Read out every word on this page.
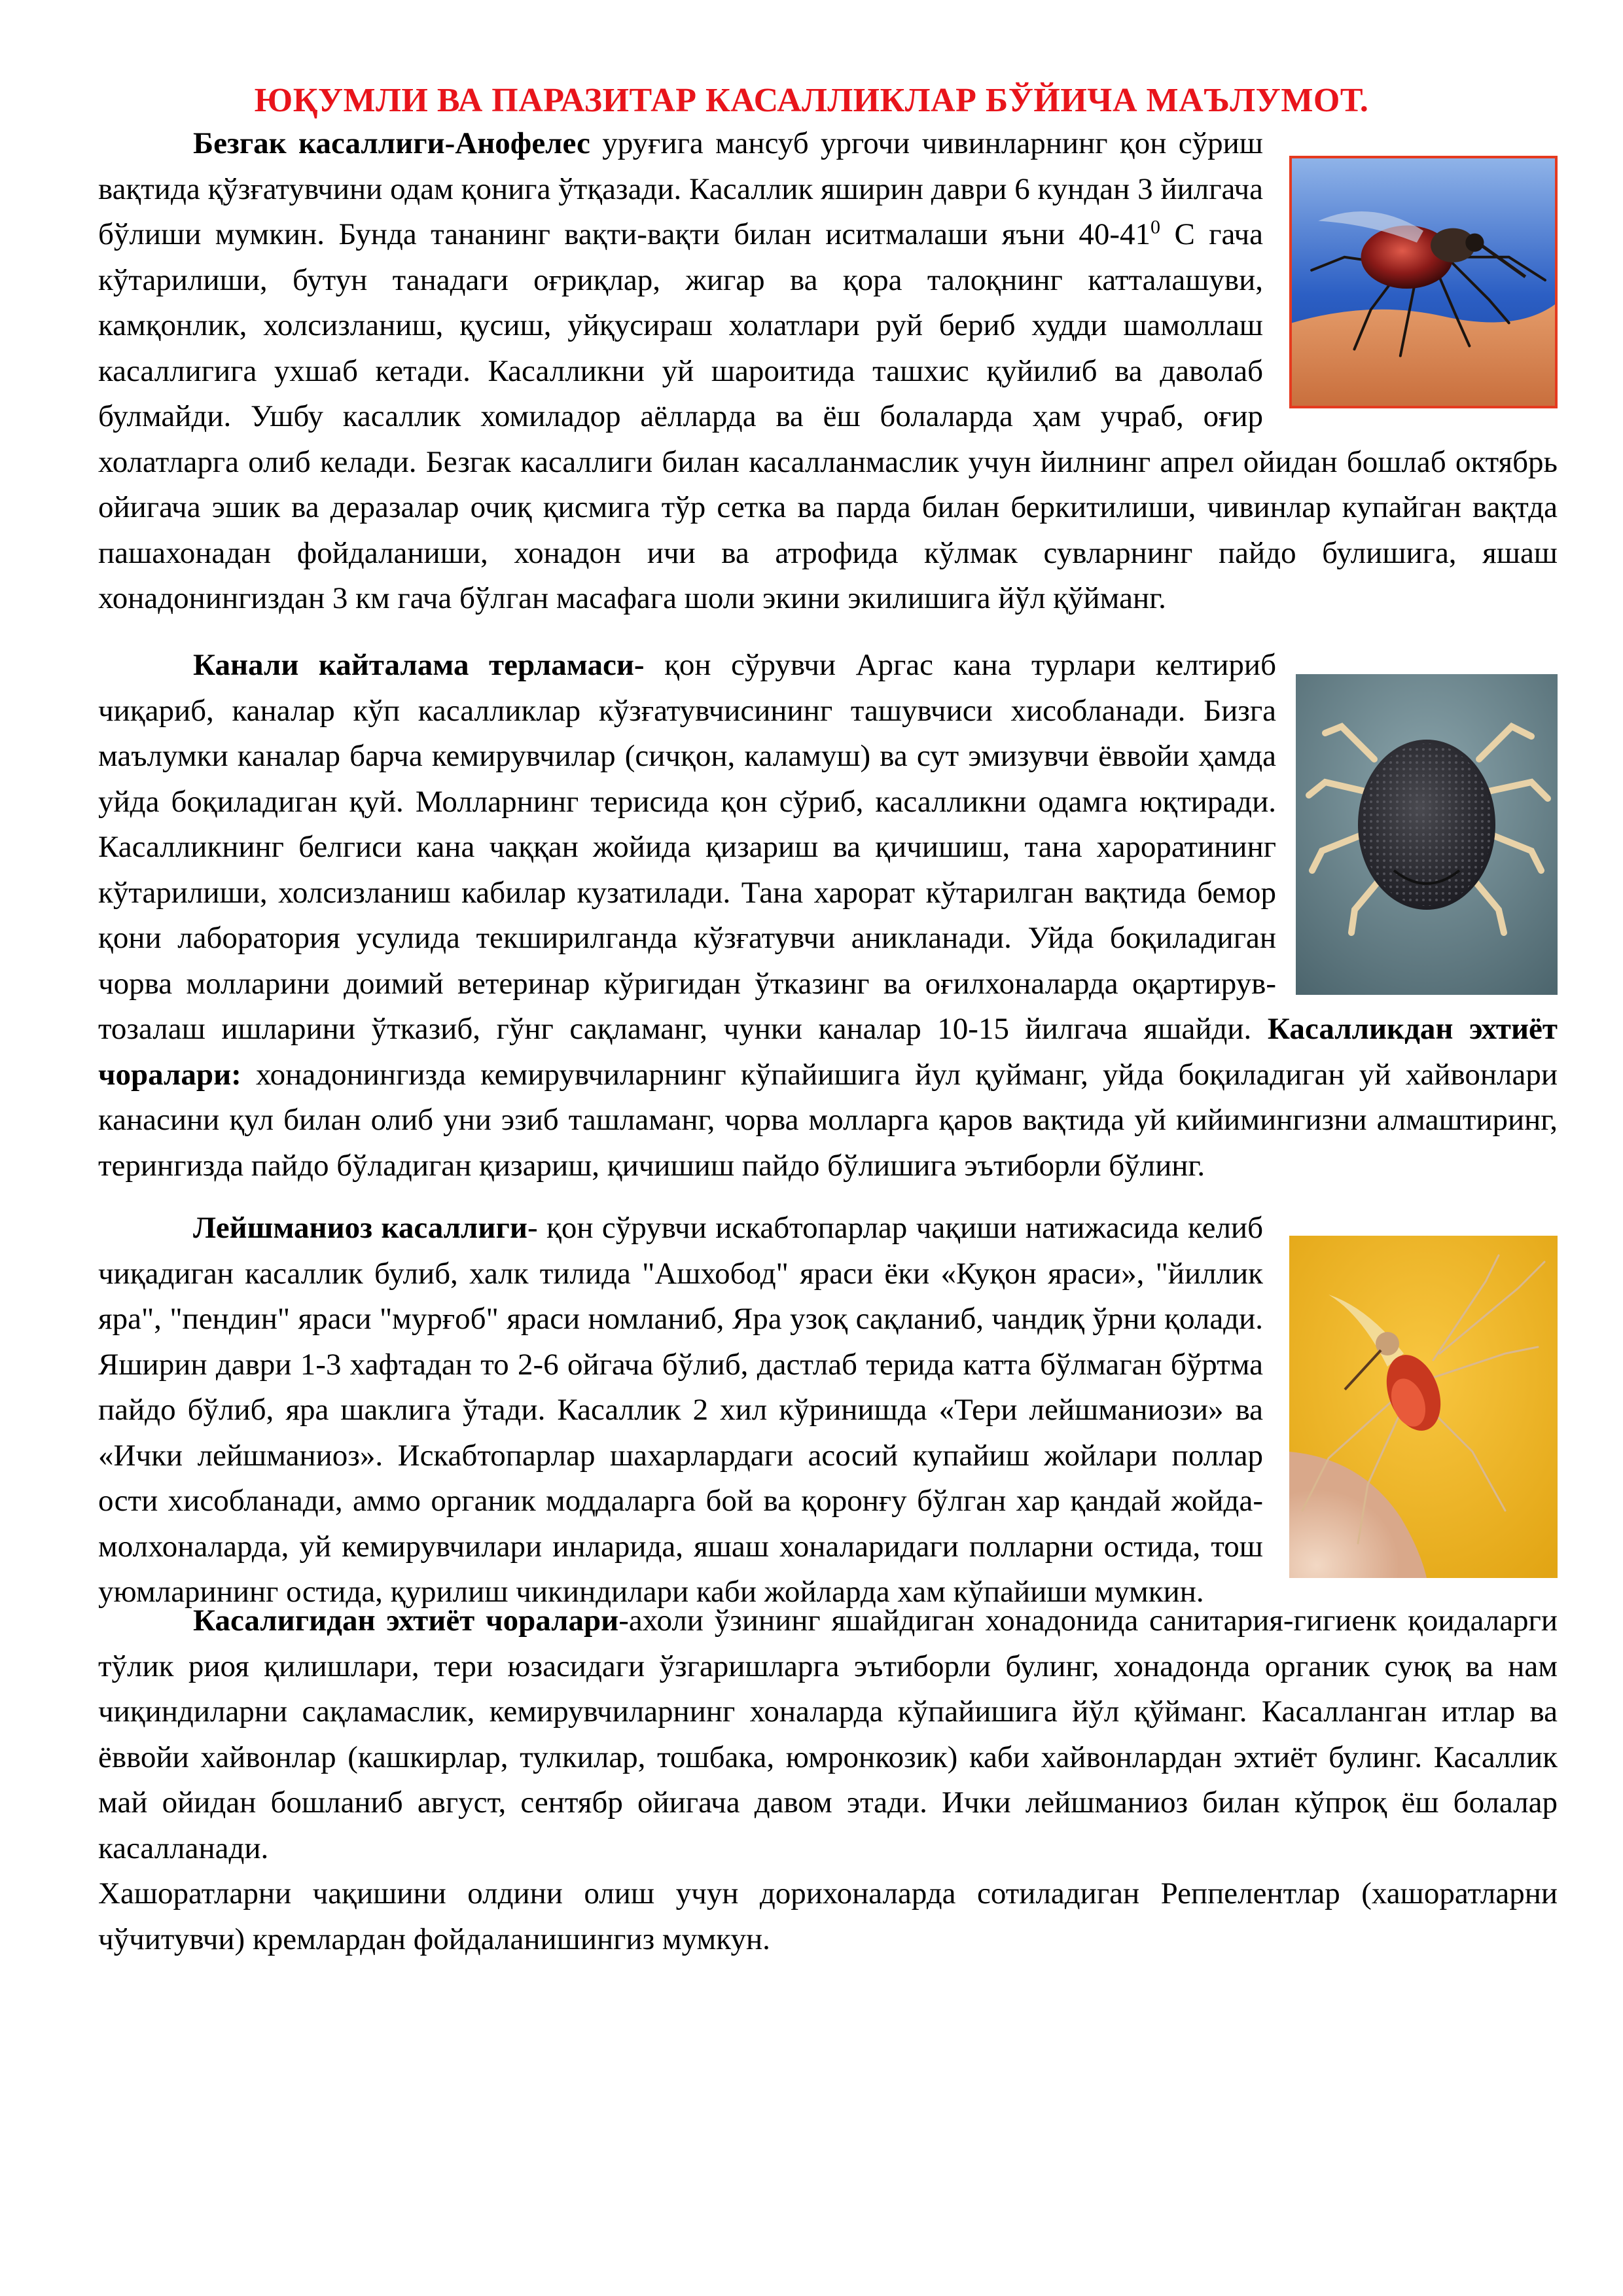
ЮҚУМЛИ ВА ПАРАЗИТАР КАСАЛЛИКЛАР БЎЙИЧА МАЪЛУМОТ.

Безгак касаллиги-Анофелес уруғига мансуб ургочи чивинларнинг қон сўриш вақтида қўзғатувчини одам қонига ўтқазади. Касаллик яширин даври 6 кундан 3 йилгача бўлиши мумкин. Бунда тананинг вақти-вақти билан иситмалаши яъни $40-41^0$ С гача кўтарилиши, бутун танадаги оғриқлар, жигар ва қора талоқнинг катталашуви, камқонлик, холсизланиш, қусиш, уйқусираш холатлари руй бериб худди шамоллаш касаллигига ухшаб кетади. Касалликни уй шароитида ташхис қуйилиб ва даволаб булмайди. Ушбу касаллик хомиладор аёлларда ва ёш болаларда ҳам учраб, оғир холатларга олиб келади. Безгак касаллиги билан касалланмаслик учун йилнинг апрел ойидан бошлаб октябрь ойигача эшик ва деразалар очиқ қисмига тўр сетка ва парда билан беркитилиши, чивинлар купайган вақтда пашахонадан фойдаланиши, хонадон ичи ва атрофида кўлмак сувларнинг пайдо булишига, яшаш хонадонингиздан 3 км гача бўлган масафага шоли экини экилишига йўл қўйманг.

Канали кайталама терламаси- қон сўрувчи Аргас кана турлари келтириб чиқариб, каналар кўп касалликлар кўзғатувчисининг ташувчиси хисобланади. Бизга маълумки каналар барча кемирувчилар (сичқон, каламуш) ва сут эмизувчи ёввойи ҳамда уйда боқиладиган қуй. Молларнинг терисида қон сўриб, касалликни одамга юқтиради. Касалликнинг белгиси кана чаққан жойида қизариш ва қичишиш, тана хароратининг кўтарилиши, холсизланиш кабилар кузатилади. Тана харорат кўтарилган вақтида бемор қони лаборатория усулида текширилганда кўзғатувчи аникланади. Уйда боқиладиган чорва молларини доимий ветеринар кўригидан ўтказинг ва оғилхоналарда оқартирув-тозалаш ишларини ўтказиб, гўнг сақламанг, чунки каналар 10-15 йилгача яшайди. Касалликдан эхтиёт чоралари: хонадонингизда кемирувчиларнинг кўпайишига йул қуйманг, уйда боқиладиган уй хайвонлари канасини қул билан олиб уни эзиб ташламанг, чорва молларга қаров вақтида уй кийимингизни алмаштиринг, терингизда пайдо бўладиган қизариш, қичишиш пайдо бўлишига эътиборли бўлинг.

Лейшманиоз касаллиги- қон сўрувчи искабтопарлар чақиши натижасида келиб чиқадиган касаллик булиб, халк тилида "Ашхобод" яраси ёки «Куқон яраси», "йиллик яра", "пендин" яраси "мурғоб" яраси номланиб, Яра узоқ сақланиб, чандиқ ўрни қолади. Яширин даври 1-3 хафтадан то 2-6 ойгача бўлиб, дастлаб терида катта бўлмаган бўртма пайдо бўлиб, яра шаклига ўтади. Касаллик 2 хил кўринишда «Тери лейшманиози» ва «Ички лейшманиоз». Искабтопарлар шахарлардаги асосий купайиш жойлари поллар ости хисобланади, аммо органик моддаларга бой ва қоронғу бўлган хар қандай жойда-молхоналарда, уй кемирувчилари инларида, яшаш хоналаридаги полларни остида, тош уюмларининг остида, қурилиш чикиндилари каби жойларда хам кўпайиши мумкин.

Касалигидан эхтиёт чоралари-ахоли ўзининг яшайдиган хонадонида санитария-гигиенк қоидаларги тўлик риоя қилишлари, тери юзасидаги ўзгаришларга эътиборли булинг, хонадонда органик суюқ ва нам чиқиндиларни сақламаслик, кемирувчиларнинг хоналарда кўпайишига йўл қўйманг. Касалланган итлар ва ёввойи хайвонлар (кашкирлар, тулкилар, тошбака, юмронкозик) каби хайвонлардан эхтиёт булинг. Касаллик май ойидан бошланиб август, сентябр ойигача давом этади. Ички лейшманиоз билан кўпроқ ёш болалар касалланади.

Хашоратларни чақишини олдини олиш учун дорихоналарда сотиладиган Реппелентлар (хашоратларни чўчитувчи) кремлардан фойдаланишингиз мумкун.
